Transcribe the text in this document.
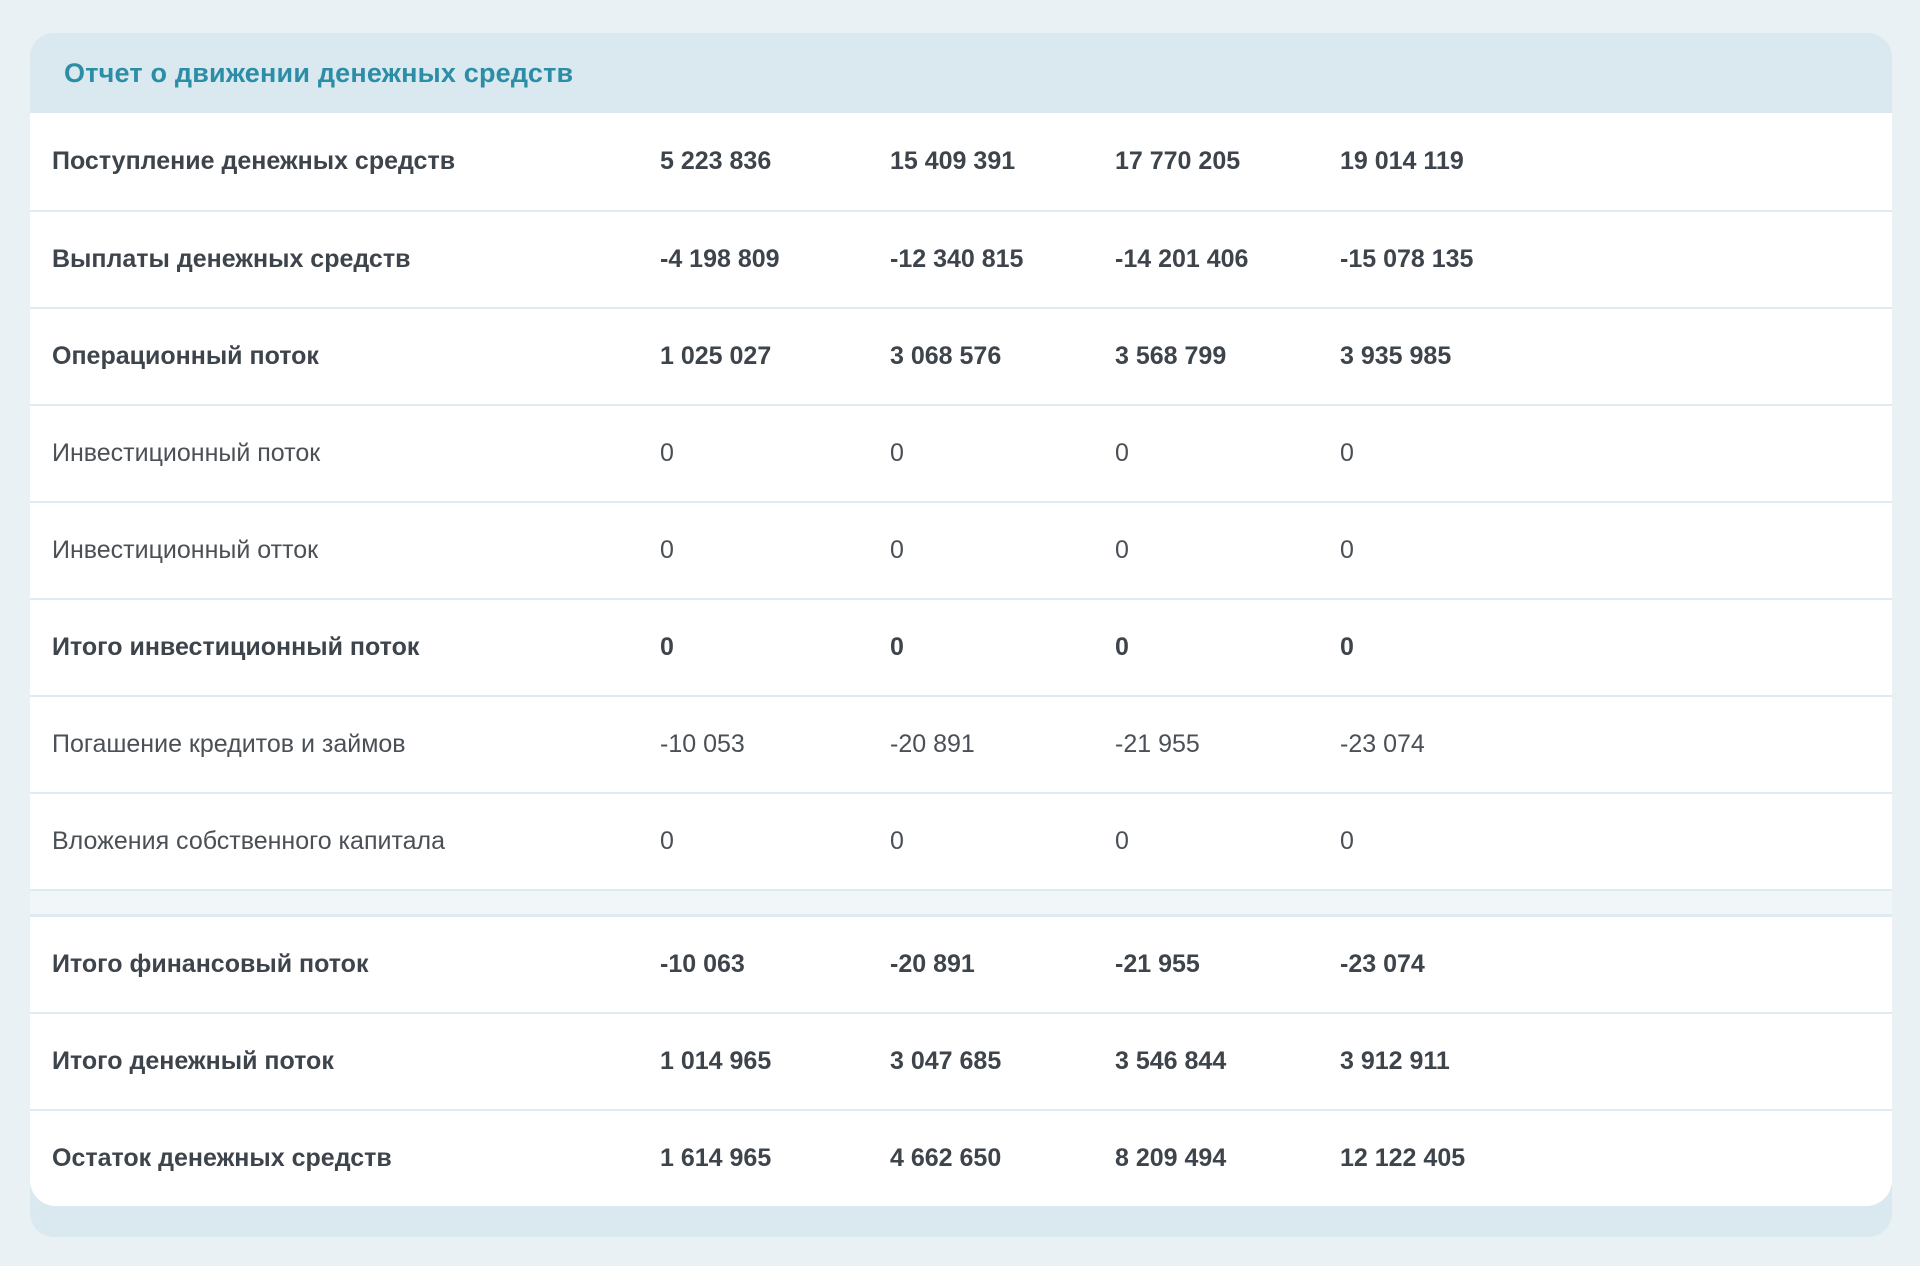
Отчет о движении денежных средств
Поступление денежных средств	5 223 836	15 409 391	17 770 205	19 014 119
Выплаты денежных средств	-4 198 809	-12 340 815	-14 201 406	-15 078 135
Операционный поток	1 025 027	3 068 576	3 568 799	3 935 985
Инвестиционный поток	0	0	0	0
Инвестиционный отток	0	0	0	0
Итого инвестиционный поток	0	0	0	0
Погашение кредитов и займов	-10 053	-20 891	-21 955	-23 074
Вложения собственного капитала	0	0	0	0
Итого финансовый поток	-10 063	-20 891	-21 955	-23 074
Итого денежный поток	1 014 965	3 047 685	3 546 844	3 912 911
Остаток денежных средств	1 614 965	4 662 650	8 209 494	12 122 405
